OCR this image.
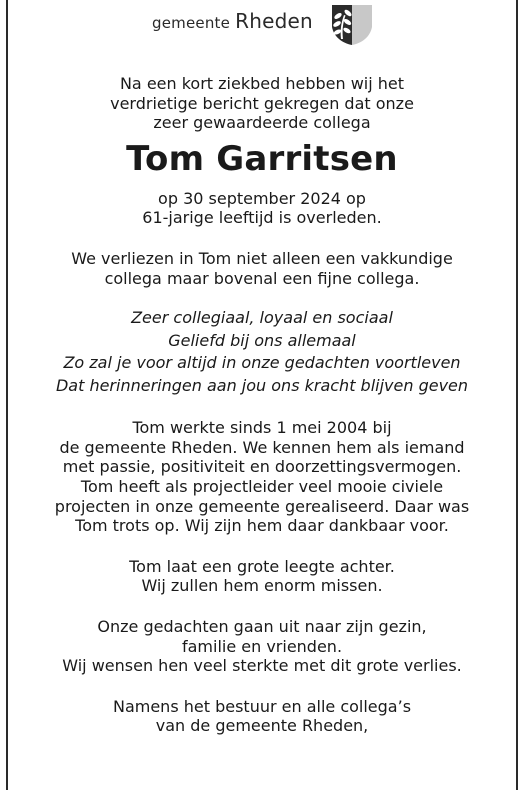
gemeente Rheden

Na een kort ziekbed hebben wij het

verdrietige bericht gekregen dat onze

zeer gewaardeerde collega

Tom Garritsen

op 30 september 2024 op

61-jarige leeftijd is overleden.

We verliezen in Tom niet alleen een vakkundige

collega maar bovenal een fijne collega.

Zeer collegiaal, loyaal en sociaal

Geliefd bij ons allemaal

Zo zal je voor altijd in onze gedachten voortleven

Dat herinneringen aan jou ons kracht blijven geven

Tom werkte sinds 1 mei 2004 bij

de gemeente Rheden. We kennen hem als iemand

met passie, positiviteit en doorzettingsvermogen.

Tom heeft als projectleider veel mooie civiele

projecten in onze gemeente gerealiseerd. Daar was

Tom trots op. Wij zijn hem daar dankbaar voor.

Tom laat een grote leegte achter.

Wij zullen hem enorm missen.

Onze gedachten gaan uit naar zijn gezin,

familie en vrienden.

Wij wensen hen veel sterkte met dit grote verlies.

Namens het bestuur en alle collega’s

van de gemeente Rheden,
